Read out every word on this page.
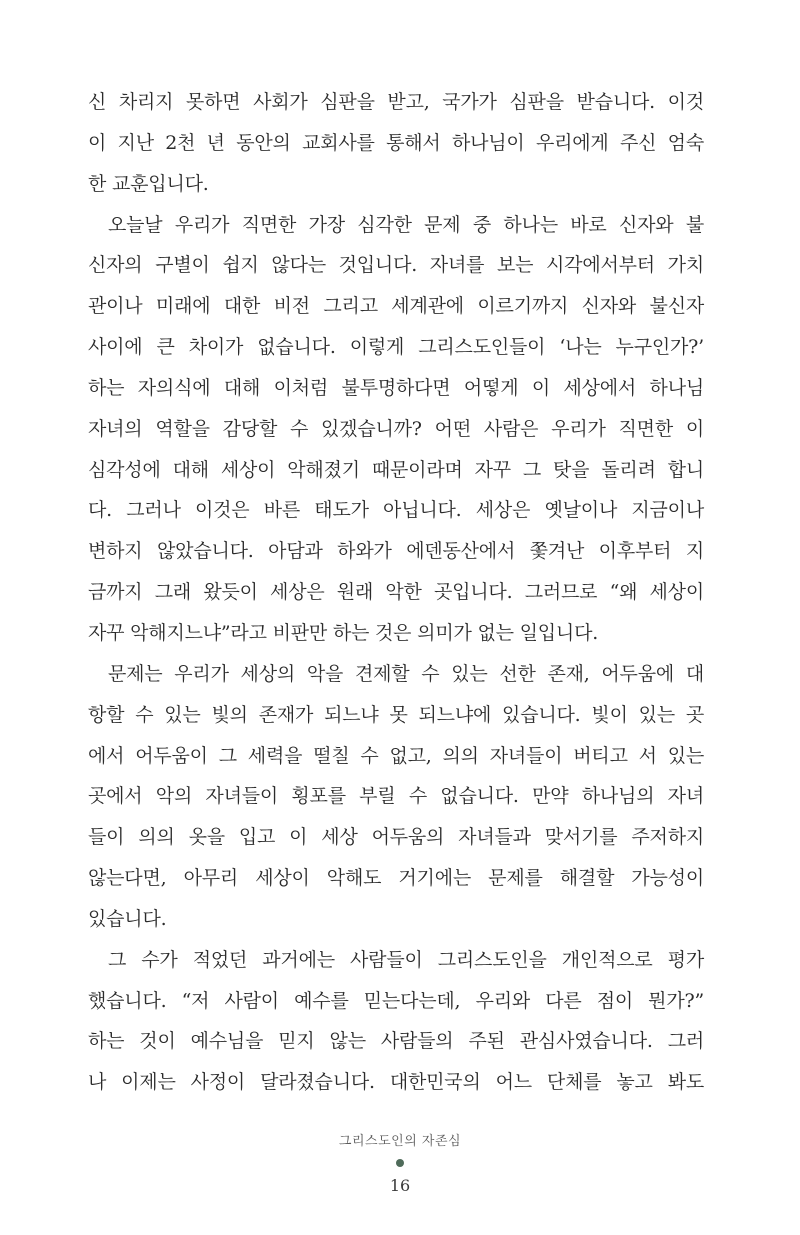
신 차리지 못하면 사회가 심판을 받고, 국가가 심판을 받습니다. 이것
이 지난 2천 년 동안의 교회사를 통해서 하나님이 우리에게 주신 엄숙
한 교훈입니다.
오늘날 우리가 직면한 가장 심각한 문제 중 하나는 바로 신자와 불
신자의 구별이 쉽지 않다는 것입니다. 자녀를 보는 시각에서부터 가치
관이나 미래에 대한 비전 그리고 세계관에 이르기까지 신자와 불신자
사이에 큰 차이가 없습니다. 이렇게 그리스도인들이 ‘나는 누구인가?’
하는 자의식에 대해 이처럼 불투명하다면 어떻게 이 세상에서 하나님
자녀의 역할을 감당할 수 있겠습니까? 어떤 사람은 우리가 직면한 이
심각성에 대해 세상이 악해졌기 때문이라며 자꾸 그 탓을 돌리려 합니
다. 그러나 이것은 바른 태도가 아닙니다. 세상은 옛날이나 지금이나
변하지 않았습니다. 아담과 하와가 에덴동산에서 쫓겨난 이후부터 지
금까지 그래 왔듯이 세상은 원래 악한 곳입니다. 그러므로 “왜 세상이
자꾸 악해지느냐”라고 비판만 하는 것은 의미가 없는 일입니다.
문제는 우리가 세상의 악을 견제할 수 있는 선한 존재, 어두움에 대
항할 수 있는 빛의 존재가 되느냐 못 되느냐에 있습니다. 빛이 있는 곳
에서 어두움이 그 세력을 떨칠 수 없고, 의의 자녀들이 버티고 서 있는
곳에서 악의 자녀들이 횡포를 부릴 수 없습니다. 만약 하나님의 자녀
들이 의의 옷을 입고 이 세상 어두움의 자녀들과 맞서기를 주저하지
않는다면, 아무리 세상이 악해도 거기에는 문제를 해결할 가능성이
있습니다.
그 수가 적었던 과거에는 사람들이 그리스도인을 개인적으로 평가
했습니다. “저 사람이 예수를 믿는다는데, 우리와 다른 점이 뭔가?”
하는 것이 예수님을 믿지 않는 사람들의 주된 관심사였습니다. 그러
나 이제는 사정이 달라졌습니다. 대한민국의 어느 단체를 놓고 봐도
그리스도인의 자존심
16
